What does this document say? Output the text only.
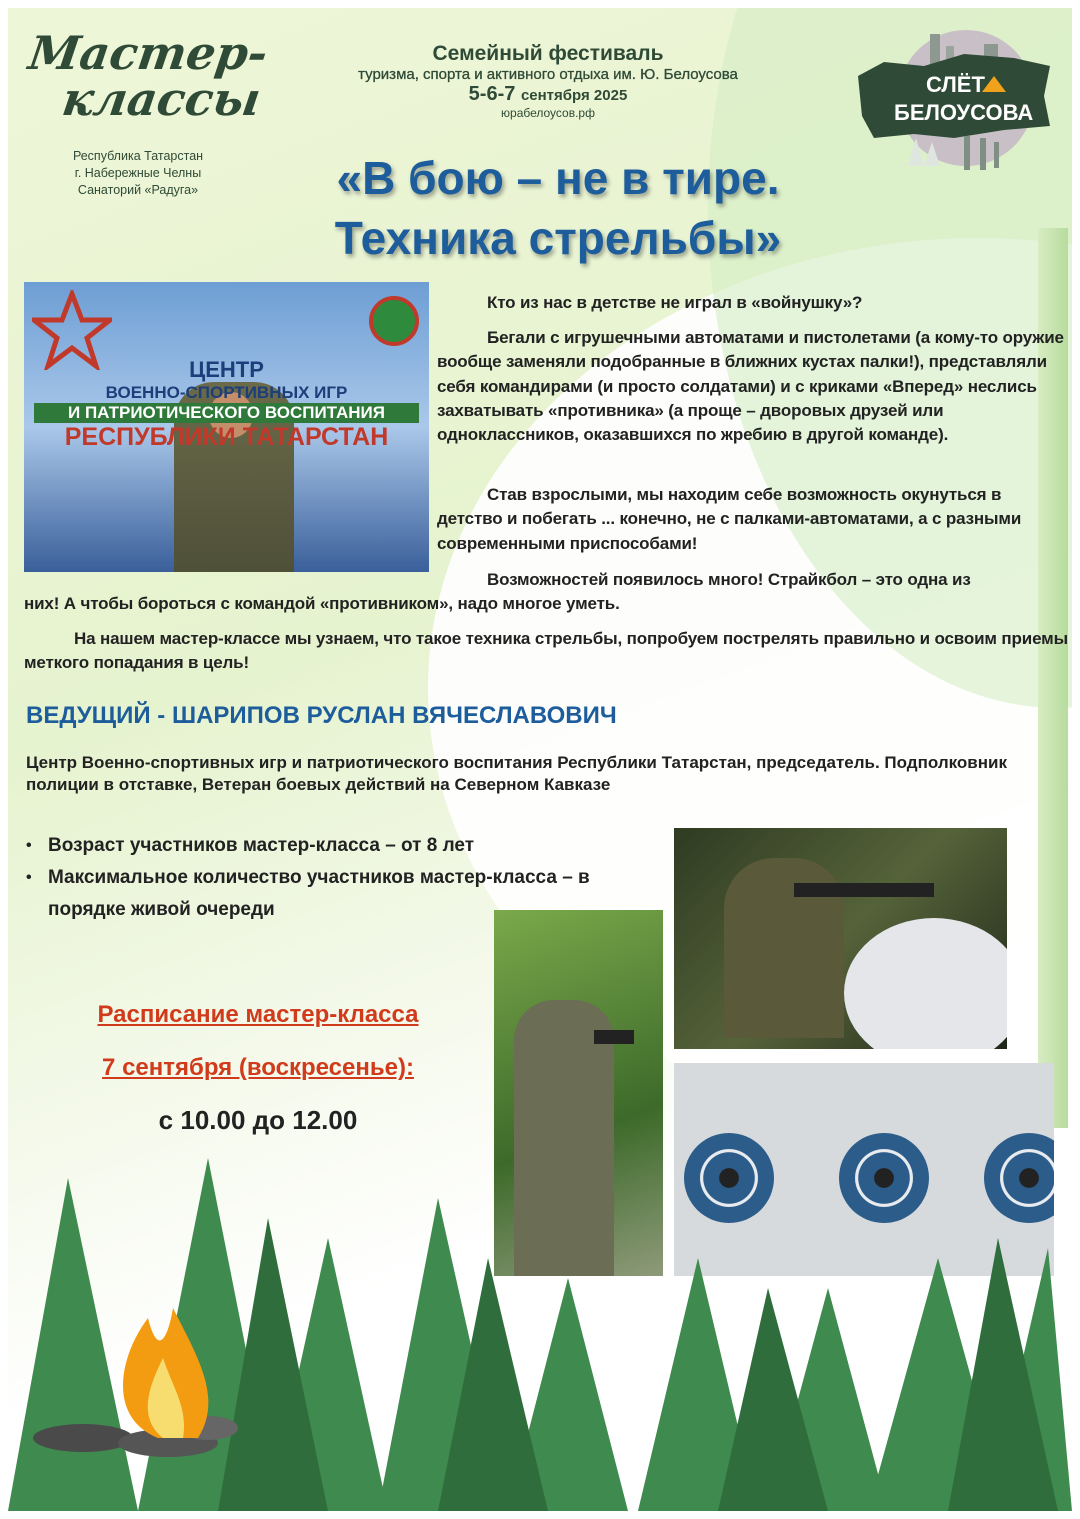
Мастер-
классы
Республика Татарстан
г. Набережные Челны
Санаторий «Радуга»
Семейный фестиваль
туризма, спорта и активного отдыха им. Ю. Белоусова
5-6-7 сентября 2025
юрабелоусов.рф
СЛЁТ
БЕЛОУСОВА
«В бою – не в тире.
Техника стрельбы»
ЦЕНТР
ВОЕННО-СПОРТИВНЫХ ИГР
И ПАТРИОТИЧЕСКОГО ВОСПИТАНИЯ
РЕСПУБЛИКИ ТАТАРСТАН

Кто из нас в детстве не играл в «войнушку»?

Бегали с игрушечными автоматами и пистолетами (а кому-то оружие вообще заменяли подобранные в ближних кустах палки!), представляли себя командирами (и просто солдатами) и с криками «Вперед» неслись захватывать «противника» (а проще – дворовых друзей или одноклассников, оказавшихся по жребию в другой команде).

Став взрослыми, мы находим себе возможность окунуться в детство и побегать ... конечно, не с палками-автоматами, а с разными современными приспособами!

Возможностей появилось много! Страйкбол – это одна из

них! А чтобы бороться с командой «противником», надо многое уметь.

На нашем мастер-классе мы узнаем, что такое техника стрельбы, попробуем пострелять правильно и освоим приемы меткого попадания в цель!

ВЕДУЩИЙ - ШАРИПОВ РУСЛАН ВЯЧЕСЛАВОВИЧ
Центр Военно-спортивных игр и патриотического воспитания Республики Татарстан, председатель. Подполковник полиции в отставке, Ветеран боевых действий на Северном Кавказе
• Возраст участников мастер-класса – от 8 лет
• Максимальное количество участников мастер-класса – в порядке живой очереди
Расписание мастер-класса
7 сентября (воскресенье):
с 10.00 до 12.00
